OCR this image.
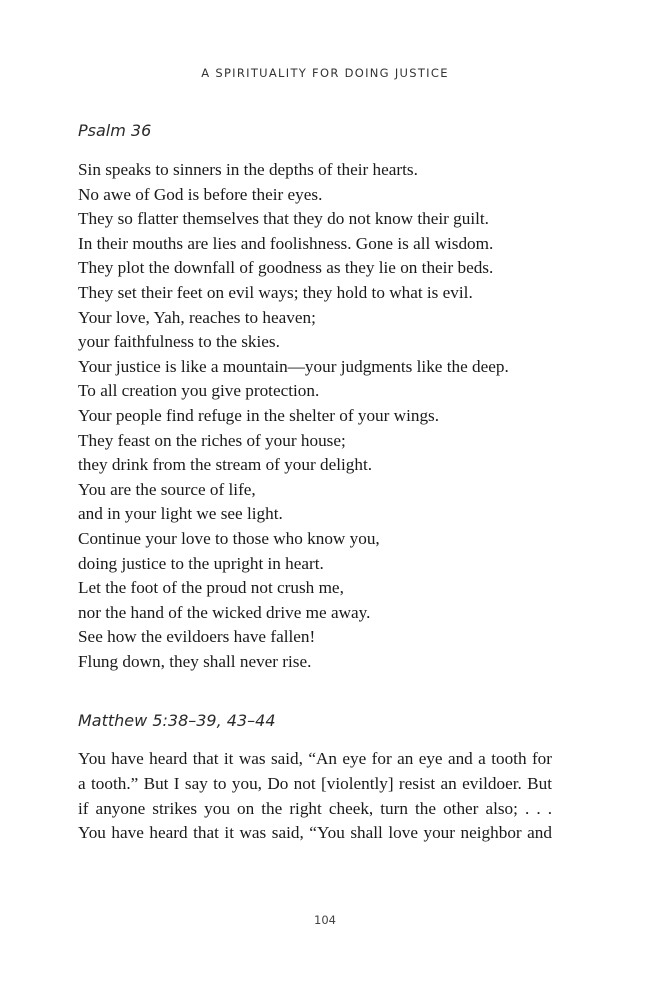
A SPIRITUALITY FOR DOING JUSTICE
Psalm 36
Sin speaks to sinners in the depths of their hearts.
No awe of God is before their eyes.
They so flatter themselves that they do not know their guilt.
In their mouths are lies and foolishness. Gone is all wisdom.
They plot the downfall of goodness as they lie on their beds.
They set their feet on evil ways; they hold to what is evil.
Your love, Yah, reaches to heaven;
your faithfulness to the skies.
Your justice is like a mountain—your judgments like the deep.
To all creation you give protection.
Your people find refuge in the shelter of your wings.
They feast on the riches of your house;
they drink from the stream of your delight.
You are the source of life,
and in your light we see light.
Continue your love to those who know you,
doing justice to the upright in heart.
Let the foot of the proud not crush me,
nor the hand of the wicked drive me away.
See how the evildoers have fallen!
Flung down, they shall never rise.
Matthew 5:38–39, 43–44

You have heard that it was said, “An eye for an eye and a tooth for
a tooth.” But I say to you, Do not [violently] resist an evildoer. But
if anyone strikes you on the right cheek, turn the other also; . . .
You have heard that it was said, “You shall love your neighbor and

104
